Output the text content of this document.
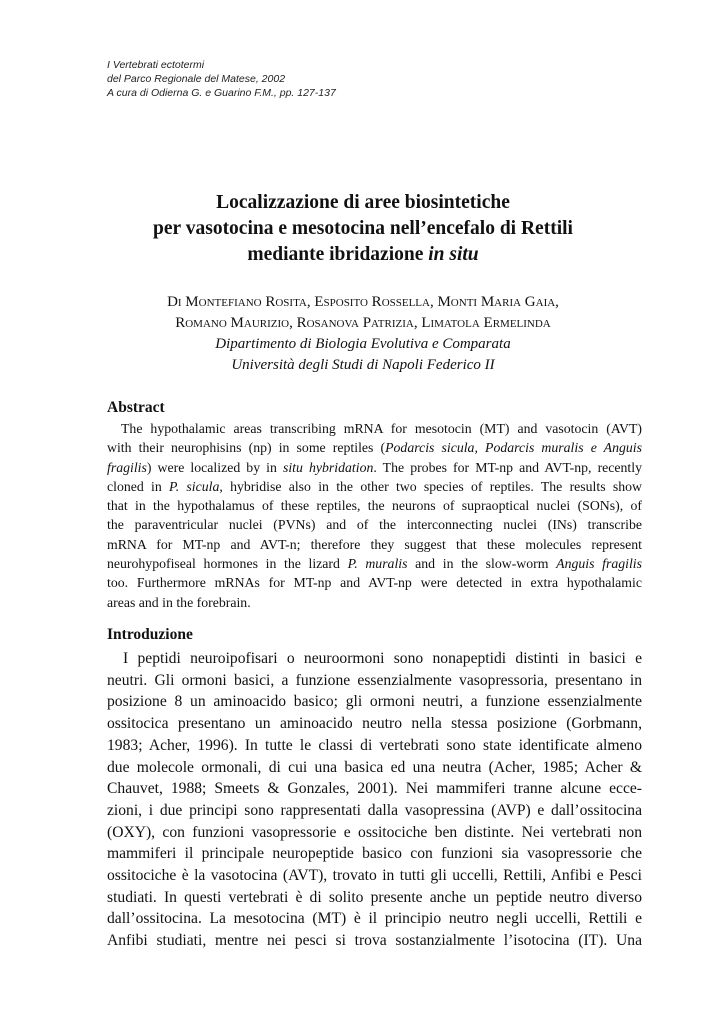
I Vertebrati ectotermi
del Parco Regionale del Matese, 2002
A cura di Odierna G. e Guarino F.M., pp. 127-137
Localizzazione di aree biosintetiche
per vasotocina e mesotocina nell’encefalo di Rettili
mediante ibridazione in situ
Di Montefiano Rosita, Esposito Rossella, Monti Maria Gaia,
Romano Maurizio, Rosanova Patrizia, Limatola Ermelinda
Dipartimento di Biologia Evolutiva e Comparata
Università degli Studi di Napoli Federico II
Abstract
The hypothalamic areas transcribing mRNA for mesotocin (MT) and vasotocin (AVT)
with their neurophisins (np) in some reptiles (Podarcis sicula, Podarcis muralis e Anguis
fragilis) were localized by in situ hybridation. The probes for MT-np and AVT-np, recently
cloned in P. sicula, hybridise also in the other two species of reptiles. The results show
that in the hypothalamus of these reptiles, the neurons of supraoptical nuclei (SONs), of
the paraventricular nuclei (PVNs) and of the interconnecting nuclei (INs) transcribe
mRNA for MT-np and AVT-n; therefore they suggest that these molecules represent
neurohypofiseal hormones in the lizard P. muralis and in the slow-worm Anguis fragilis
too. Furthermore mRNAs for MT-np and AVT-np were detected in extra hypothalamic
areas and in the forebrain.
Introduzione
I peptidi neuroipofisari o neuroormoni sono nonapeptidi distinti in basici e
neutri. Gli ormoni basici, a funzione essenzialmente vasopressoria, presentano in
posizione 8 un aminoacido basico; gli ormoni neutri, a funzione essenzialmente
ossitocica presentano un aminoacido neutro nella stessa posizione (Gorbmann,
1983; Acher, 1996). In tutte le classi di vertebrati sono state identificate almeno
due molecole ormonali, di cui una basica ed una neutra (Acher, 1985; Acher &
Chauvet, 1988; Smeets & Gonzales, 2001). Nei mammiferi tranne alcune ecce-
zioni, i due principi sono rappresentati dalla vasopressina (AVP) e dall’ossitocina
(OXY), con funzioni vasopressorie e ossitociche ben distinte. Nei vertebrati non
mammiferi il principale neuropeptide basico con funzioni sia vasopressorie che
ossitociche è la vasotocina (AVT), trovato in tutti gli uccelli, Rettili, Anfibi e Pesci
studiati. In questi vertebrati è di solito presente anche un peptide neutro diverso
dall’ossitocina. La mesotocina (MT) è il principio neutro negli uccelli, Rettili e
Anfibi studiati, mentre nei pesci si trova sostanzialmente l’isotocina (IT). Una
